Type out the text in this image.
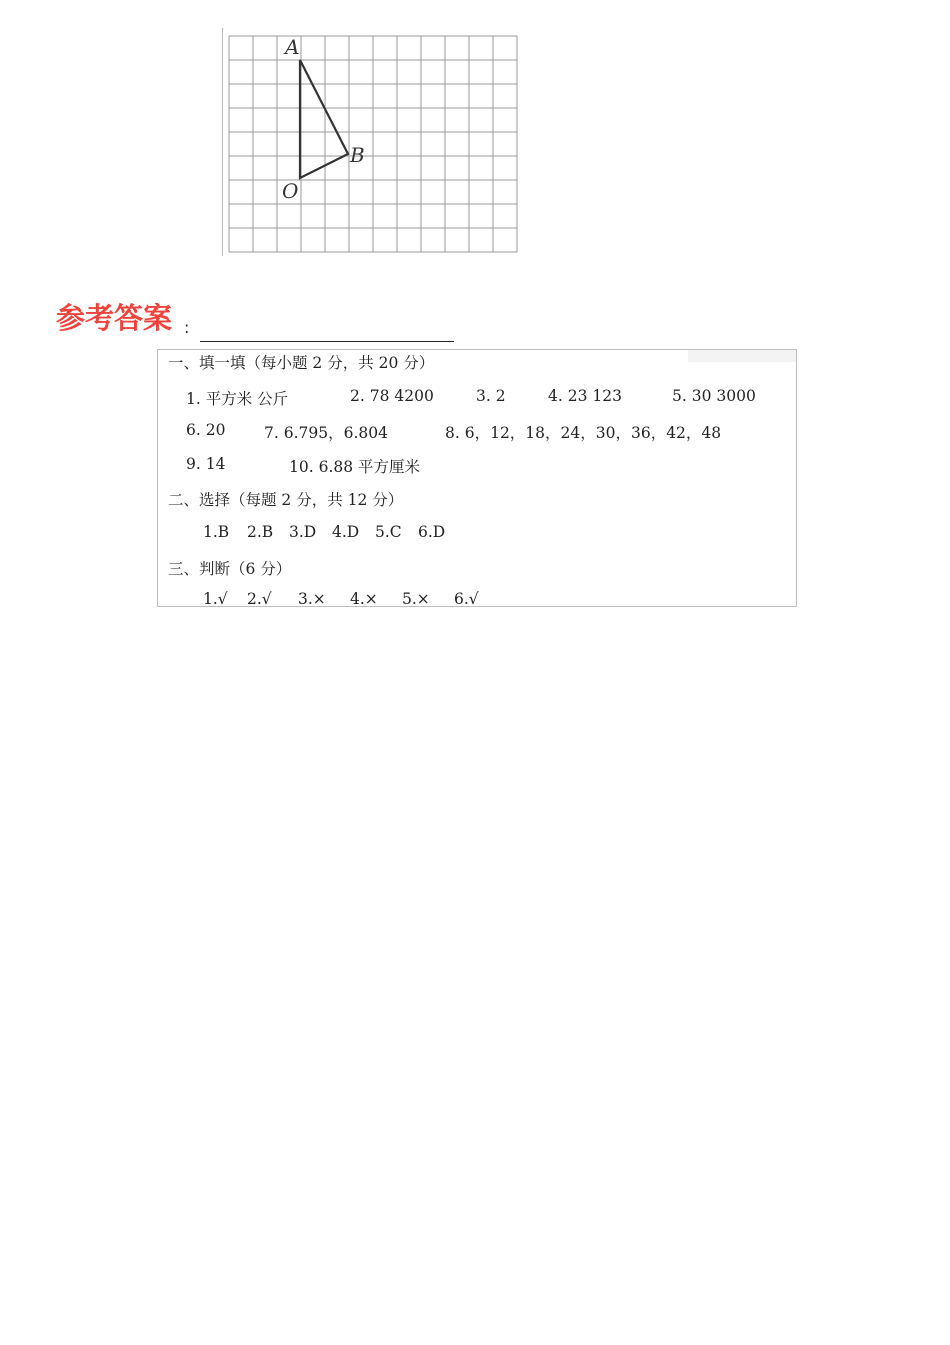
A
B
O
参考答案 :
一、填一填（每小题 2 分，共 20 分）
1. 平方米 公斤	2. 78 4200	3. 2	4. 23 123	5. 30 3000
6. 20 7. 6.795，6.804	8. 6，12，18，24，30，36，42，48
9. 14	10. 6.88 平方厘米
二、选择（每题 2 分，共 12 分）
1.B 2.B 3.D 4.D 5.C 6.D
三、判断（6 分）
1.√ 2.√ 3.× 4.× 5.× 6.√
